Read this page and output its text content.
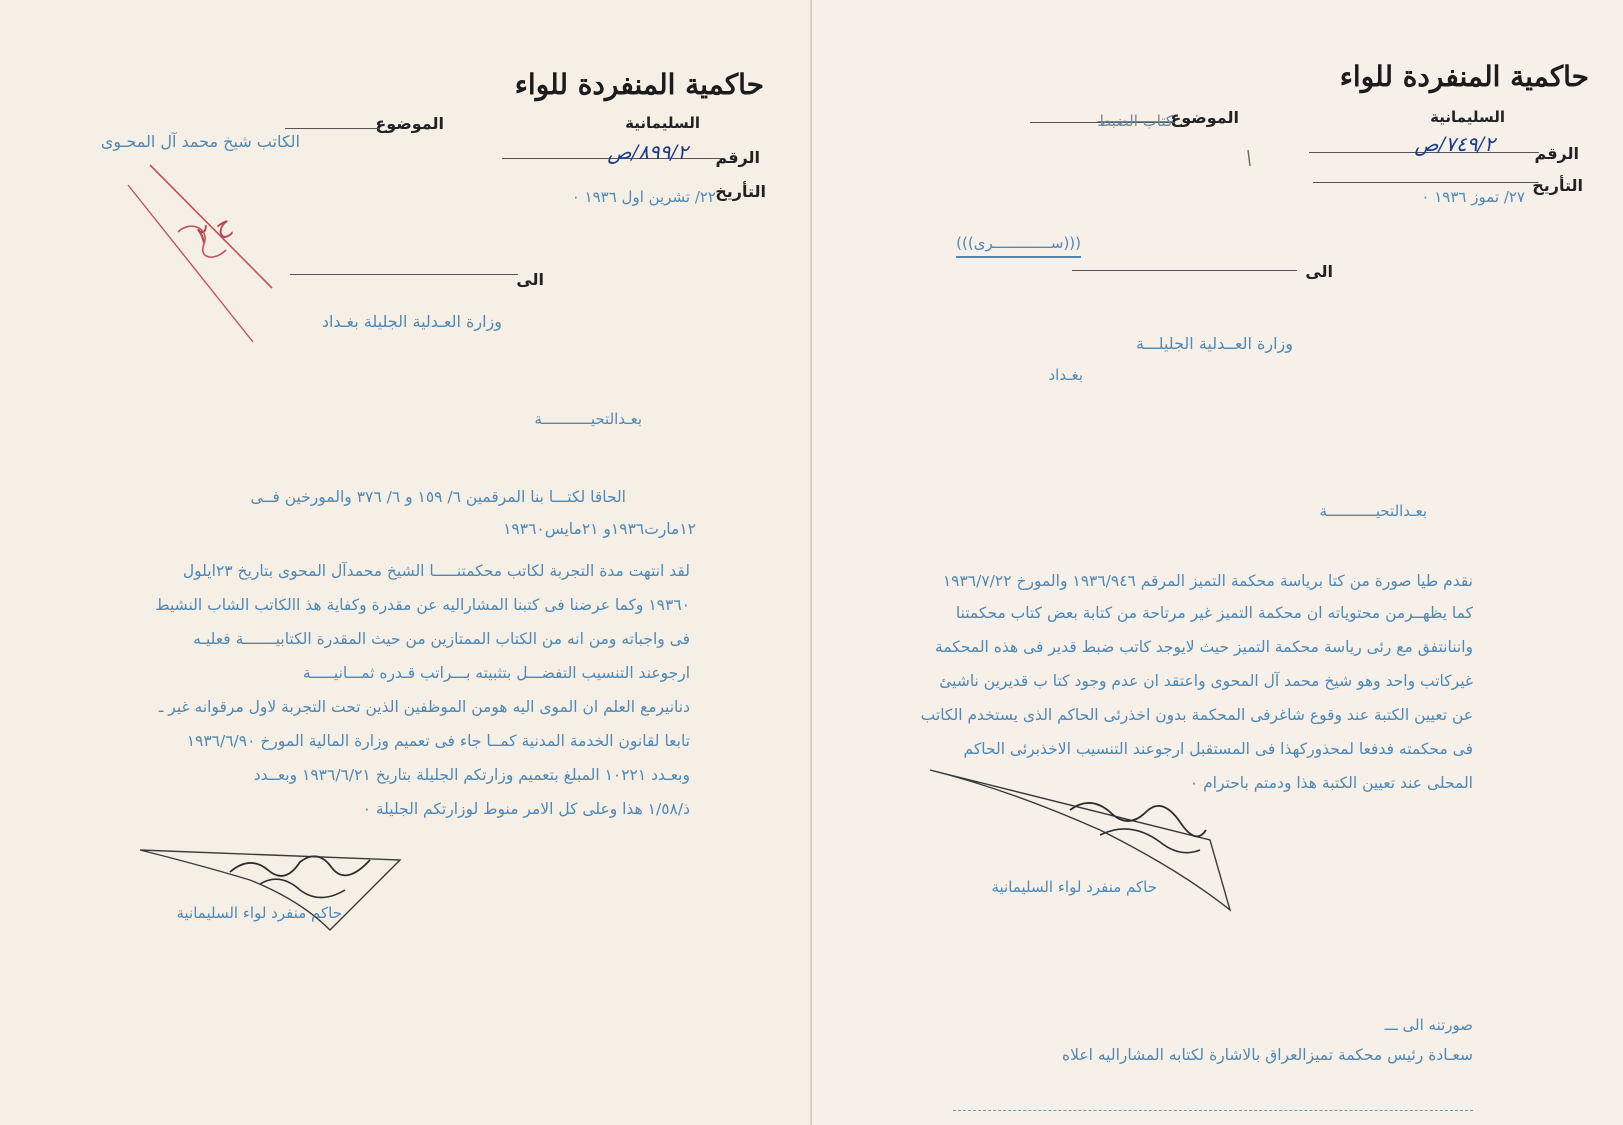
حاكمية المنفردة للواء
السليمانية
الموضوع
الكاتب شيخ محمد آل المحـوى
الرقم
٨٩٩/٢/ص
التأريخ
٢٢/ تشرين اول ١٩٣٦ ٠
الى
وزارة العـدلية الجليلة بغـداد
بعـدالتحيـــــــــــة
الحاقا لكتـــا بنا المرقمين ٦/ ١٥٩ و ٦/ ٣٧٦ والمورخين فــى
١٢مارت١٩٣٦و ٢١مايس١٩٣٦٠
لقد انتهت مدة التجربة لكاتب محكمتنـــــا الشيخ محمدآل المحوى بتاريخ ٢٣ايلول
١٩٣٦٠ وكما عرضنا فى كتبنا المشاراليه عن مقدرة وكفاية هذ االكاتب الشاب النشيط
فى واجباته ومن انه من الكتاب الممتازين من حيث المقدرة الكتابيـــــــة فعليـه
ارجوعند التنسيب التفضـــل بتثبيته بـــراتب قـدره ثمـــانيـــــة
دنانيرمع العلم ان الموى اليه هومن الموظفين الذين تحت التجربة لاول مرقوانه غير ـ
تابعا لقانون الخدمة المدنية كمــا جاء فى تعميم وزارة المالية المورخ ١٩٣٦/٦/٩٠
وبعـدد ١٠٢٢١ المبلغ بتعميم وزارتكم الجليلة بتاريخ ١٩٣٦/٦/٢١ وبعــدد
ذ/١/٥٨ هذا وعلى كل الامر منوط لوزارتكم الجليلة ٠
حاكم منفرد لواء السليمانية
ح ٢
حاكمية المنفردة للواء
السليمانية
الموضوع
كتاب الضبط
الرقم
٧٤٩/٢/ص
التأريخ
٢٧/ تموز ١٩٣٦ ٠
(((ســـــــــــــرى)))
الى
وزارة العــدلية الجليلـــة
بغـداد
بعـدالتحيـــــــــــة
نقدم طيا صورة من كتا برياسة محكمة التميز المرقم ١٩٣٦/٩٤٦ والمورخ ١٩٣٦/٧/٢٢
كما يظهــرمن محتوياته ان محكمة التميز غير مرتاحة من كتابة بعض كتاب محكمتنا
واننانتفق مع رئى رياسة محكمة التميز حيث لايوجد كاتب ضبط قدير فى هذه المحكمة
غيركاتب واحد وهو شيخ محمد آل المحوى واعتقد ان عدم وجود كتا ب قديرين ناشيئ
عن تعيين الكتبة عند وقوع شاغرفى المحكمة بدون اخذرئى الحاكم الذى يستخدم الكاتب
فى محكمته فدفعا لمحذوركهذا فى المستقبل ارجوعند التنسيب الاخذبرئى الحاكم
المحلى عند تعيين الكتبة هذا ودمتم باحترام ٠
حاكم منفرد لواء السليمانية
صورتنه الى ـــ
سعـادة رئيس محكمة تميزالعراق بالاشارة لكتابه المشاراليه اعلاه
